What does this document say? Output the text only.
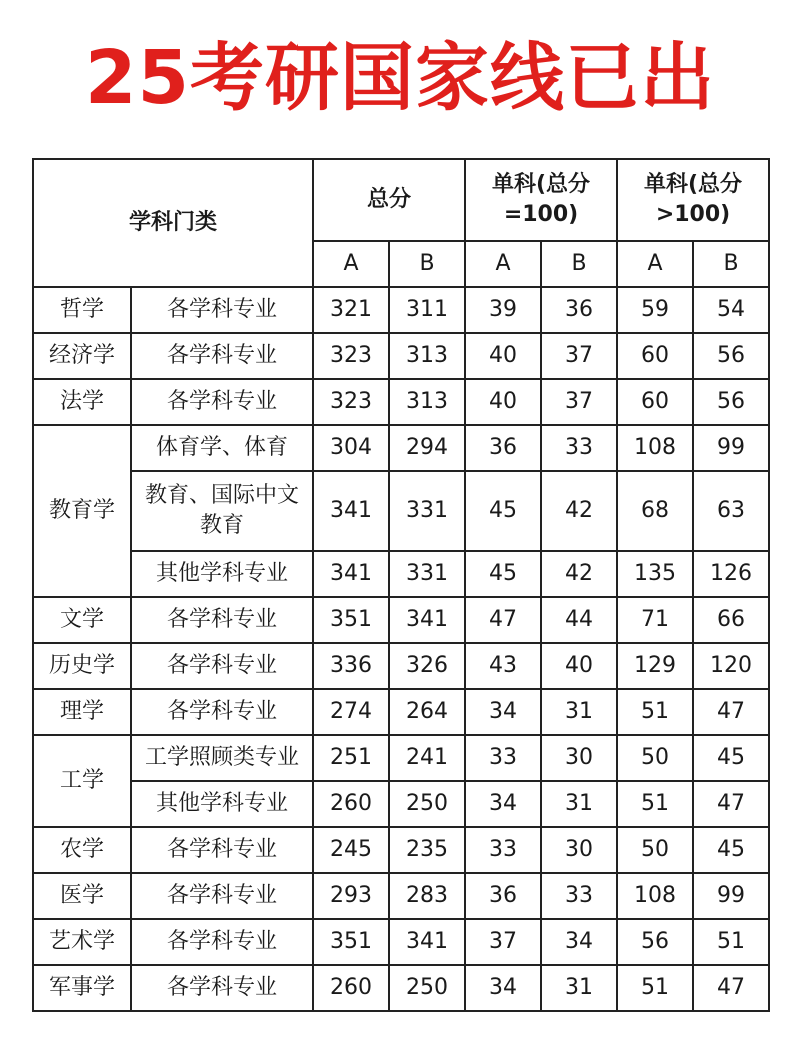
25考研国家线已出
学科门类		总分		单科(总分=100)		单科(总分>100)	
		A	B	A	B	A	B
哲学	各学科专业	321	311	39	36	59	54
经济学	各学科专业	323	313	40	37	60	56
法学	各学科专业	323	313	40	37	60	56
教育学	体育学、体育	304	294	36	33	108	99
	教育、国际中文教育	341	331	45	42	68	63
	其他学科专业	341	331	45	42	135	126
文学	各学科专业	351	341	47	44	71	66
历史学	各学科专业	336	326	43	40	129	120
理学	各学科专业	274	264	34	31	51	47
工学	工学照顾类专业	251	241	33	30	50	45
	其他学科专业	260	250	34	31	51	47
农学	各学科专业	245	235	33	30	50	45
医学	各学科专业	293	283	36	33	108	99
艺术学	各学科专业	351	341	37	34	56	51
军事学	各学科专业	260	250	34	31	51	47
